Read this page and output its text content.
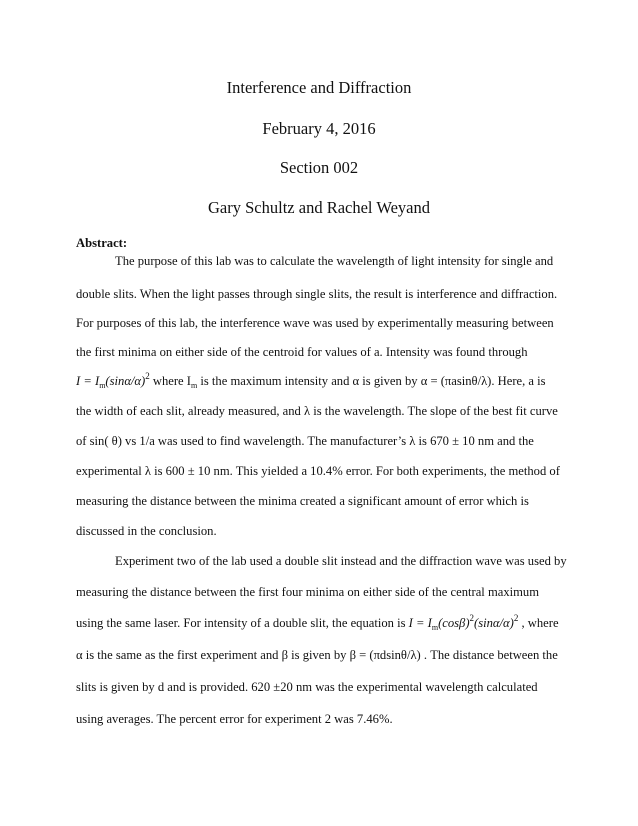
Interference and Diffraction
February 4, 2016
Section 002
Gary Schultz and Rachel Weyand
Abstract:
The purpose of this lab was to calculate the wavelength of light intensity for single and
double slits. When the light passes through single slits, the result is interference and diffraction.
For purposes of this lab, the interference wave was used by experimentally measuring between
the first minima on either side of the centroid for values of a. Intensity was found through
$I = I_m(\sin\alpha/\alpha)^2$ where $I_m$ is the maximum intensity and α is given by α = (πasinθ/λ). Here, a is
the width of each slit, already measured, and λ is the wavelength. The slope of the best fit curve
of sin( θ) vs 1/a was used to find wavelength. The manufacturer’s λ is 670 ± 10 nm and the
experimental λ is 600 ± 10 nm. This yielded a 10.4% error. For both experiments, the method of
measuring the distance between the minima created a significant amount of error which is
discussed in the conclusion.
Experiment two of the lab used a double slit instead and the diffraction wave was used by
measuring the distance between the first four minima on either side of the central maximum
using the same laser. For intensity of a double slit, the equation is $I = I_m(\cos\beta)^2(\sin\alpha/\alpha)^2$ , where
α is the same as the first experiment and β is given by β = (πdsinθ/λ) . The distance between the
slits is given by d and is provided. 620 ±20 nm was the experimental wavelength calculated
using averages. The percent error for experiment 2 was 7.46%.
